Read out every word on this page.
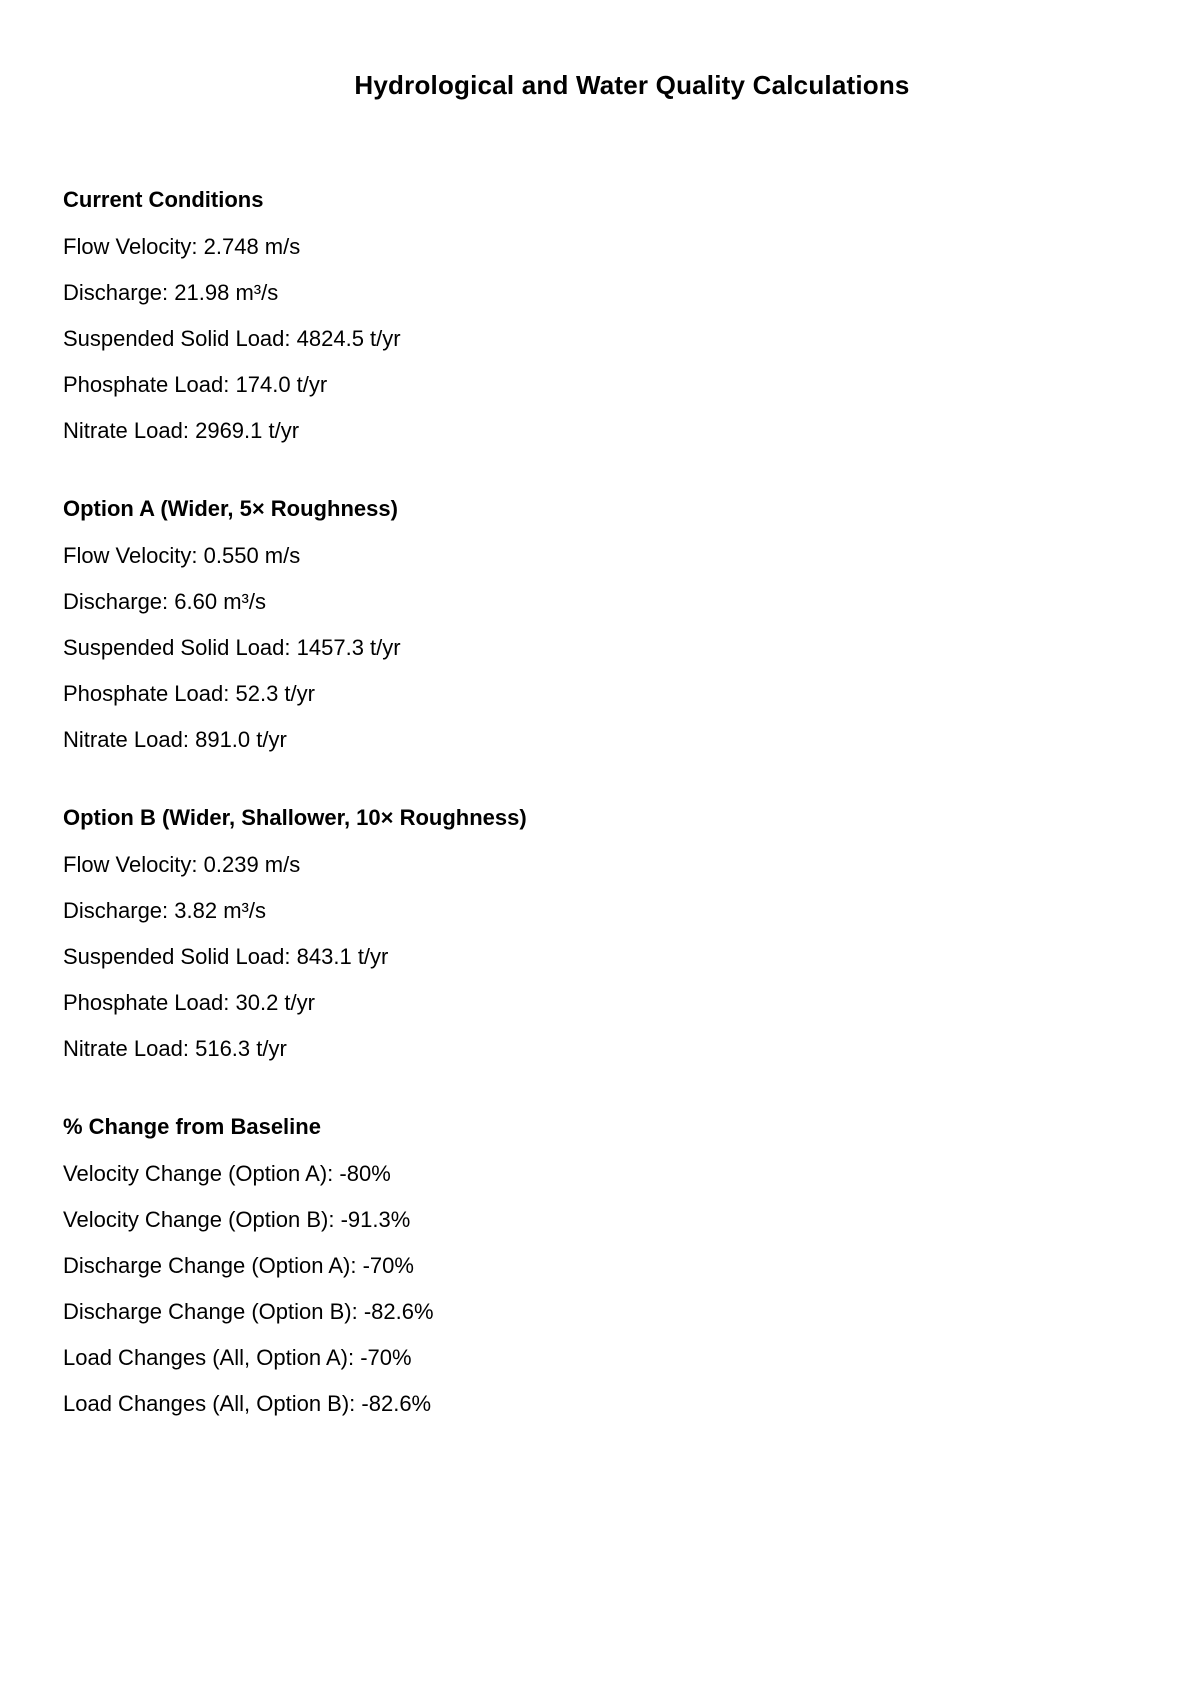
Hydrological and Water Quality Calculations
Current Conditions
Flow Velocity : 2.748 m/s
Discharge : 21.98 m³/s
Suspended Solid Load : 4824.5 t/yr
Phosphate Load : 174.0 t/yr
Nitrate Load : 2969.1 t/yr
Option A (Wider, 5× Roughness)
Flow Velocity : 0.550 m/s
Discharge : 6.60 m³/s
Suspended Solid Load : 1457.3 t/yr
Phosphate Load : 52.3 t/yr
Nitrate Load : 891.0 t/yr
Option B (Wider, Shallower, 10× Roughness)
Flow Velocity : 0.239 m/s
Discharge : 3.82 m³/s
Suspended Solid Load : 843.1 t/yr
Phosphate Load : 30.2 t/yr
Nitrate Load : 516.3 t/yr
% Change from Baseline
Velocity Change (Option A) : -80%
Velocity Change (Option B) : -91.3%
Discharge Change (Option A) : -70%
Discharge Change (Option B) : -82.6%
Load Changes (All, Option A) : -70%
Load Changes (All, Option B) : -82.6%
